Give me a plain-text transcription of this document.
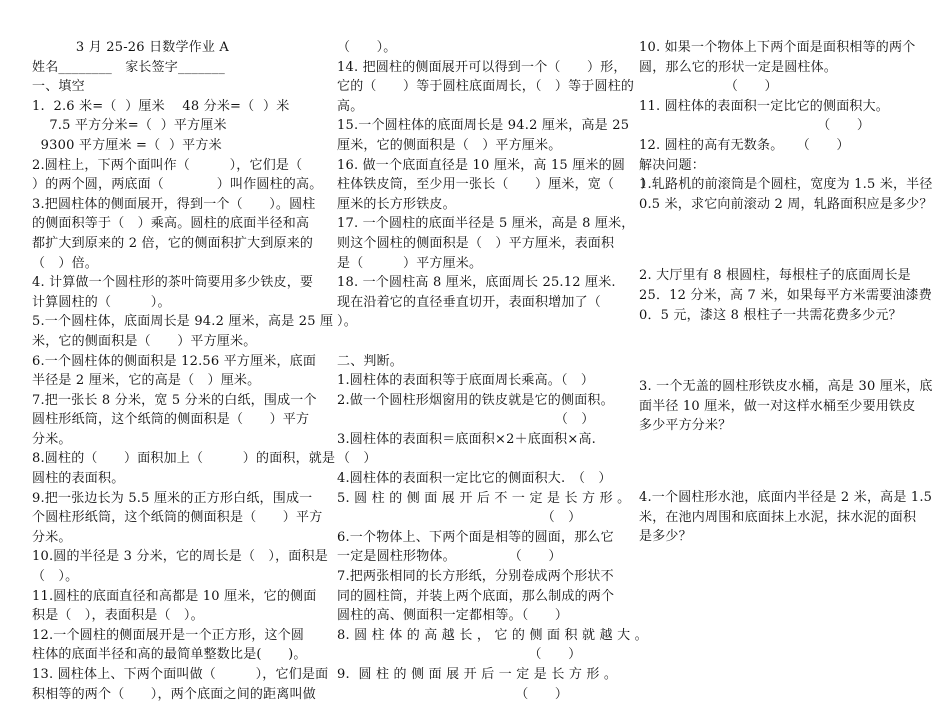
　　　 3 月 25-26 日数学作业 A
姓名________　家长签字_______
一、填空
1.  2.6 米=（  ）厘米　 48 分米=（  ）米
7.5 平方分米=（  ）平方厘米
9300 平方厘米 =（  ）平方米
2.圆柱上，下两个面叫作（　　　），它们是（
）的两个圆，两底面（　　　　）叫作圆柱的高。
3.把圆柱体的侧面展开，得到一个（　　）。圆柱
的侧面积等于（　）乘高。圆柱的底面半径和高
都扩大到原来的 2 倍，它的侧面积扩大到原来的
（　）倍。
4. 计算做一个圆柱形的茶叶筒要用多少铁皮，要
计算圆柱的（　　　）。
5.一个圆柱体，底面周长是 94.2 厘米，高是 25 厘
米，它的侧面积是（　　）平方厘米。
6.一个圆柱体的侧面积是 12.56 平方厘米，底面
半径是 2 厘米，它的高是（　）厘米。
7.把一张长 8 分米，宽 5 分米的白纸，围成一个
圆柱形纸筒，这个纸筒的侧面积是（　　）平方
分米。
8.圆柱的（　　）面积加上（　　　）的面积，就是
圆柱的表面积。
9.把一张边长为 5.5 厘米的正方形白纸，围成一
个圆柱形纸筒，这个纸筒的侧面积是（　　）平方
分米。
10.圆的半径是 3 分米，它的周长是（　），面积是
（　）。
11.圆柱的底面直径和高都是 10 厘米，它的侧面
积是（　），表面积是（　）。
12.一个圆柱的侧面展开是一个正方形，这个圆
柱体的底面半径和高的最简单整数比是(　　)。
13. 圆柱体上、下两个面叫做（　　　），它们是面
积相等的两个（　　），两个底面之间的距离叫做
（　　）。
14. 把圆柱的侧面展开可以得到一个（　　）形，
它的（　　）等于圆柱底面周长，（　）等于圆柱的
高。
15.一个圆柱体的底面周长是 94.2 厘米，高是 25
厘米，它的侧面积是（　）平方厘米。
16. 做一个底面直径是 10 厘米，高 15 厘米的圆
柱体铁皮筒，至少用一张长（　　）厘米，宽（　　）
厘米的长方形铁皮。
17. 一个圆柱的底面半径是 5 厘米，高是 8 厘米，
则这个圆柱的侧面积是（　）平方厘米，表面积
是（　　　）平方厘米。
18. 一个圆柱高 8 厘米，底面周长 25.12 厘米.
现在沿着它的直径垂直切开，表面积增加了（
）。
二、判断。
1.圆柱体的表面积等于底面周长乘高。（　）
2.做一个圆柱形烟窗用的铁皮就是它的侧面积。
　　　　　　　　　　　　　　　　　（　）
3.圆柱体的表面积＝底面积×2＋底面积×高.
（　）
4.圆柱体的表面积一定比它的侧面积大.　（　）
5. 圆 柱 的 侧 面 展 开 后 不 一 定 是 长 方 形 。
　　　　　　　　　　　　　　　　（　）
6.一个物体上、下两个面是相等的圆面，那么它
一定是圆柱形物体。　　　　　（　　）
7.把两张相同的长方形纸，分别卷成两个形状不
同的圆柱筒，并装上两个底面，那么制成的两个
圆柱的高、侧面积一定都相等。（　　）
8. 圆 柱 体 的 高 越 长 ， 它 的 侧 面 积 就 越 大 。
　　　　　　　　　　　　　　　（　　）
9.  圆 柱 的 侧 面 展 开 后 一 定 是 长 方 形 。
　　　　　　　　　　　　　　（　　）
10. 如果一个物体上下两个面是面积相等的两个
圆，那么它的形状一定是圆柱体。
　　　　　　　（　　）
11. 圆柱体的表面积一定比它的侧面积大。
　　　　　　　　　　　　　　（　　）
12. 圆柱的高有无数条。　　（　　）
解决问题：
1.轧路机的前滚筒是个圆柱，宽度为 1.5 米，半径
0.5 米，求它向前滚动 2 周，轧路面积应是多少？
2. 大厅里有 8 根圆柱，每根柱子的底面周长是
25．12 分米，高 7 米，如果每平方米需要油漆费
0．5 元，漆这 8 根柱子一共需花费多少元？
3. 一个无盖的圆柱形铁皮水桶，高是 30 厘米，底
面半径 10 厘米，做一对这样水桶至少要用铁皮
多少平方分米？
4.一个圆柱形水池，底面内半径是 2 米，高是 1.5
米，在池内周围和底面抹上水泥，抹水泥的面积
是多少？
